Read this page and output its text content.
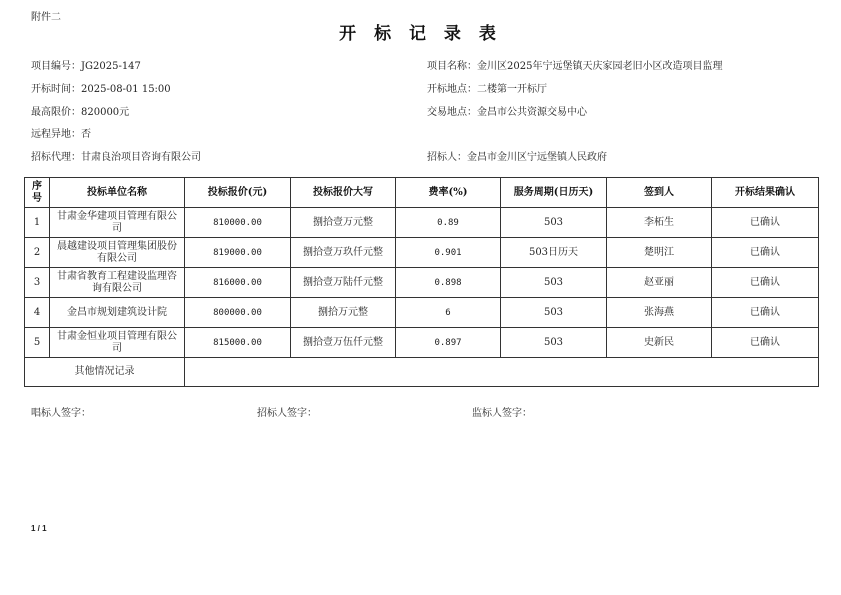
附件二
开 标 记 录 表
项目编号：JG2025-147	项目名称：金川区2025年宁远堡镇天庆家园老旧小区改造项目监理
开标时间：2025-08-01 15:00	开标地点：二楼第一开标厅
最高限价：820000元	交易地点：金昌市公共资源交易中心
远程异地：否
招标代理：甘肃良治项目咨询有限公司	招标人：金昌市金川区宁远堡镇人民政府
序号	投标单位名称	投标报价(元)	投标报价大写	费率(%)	服务周期(日历天)	签到人	开标结果确认
1	甘肃金华建项目管理有限公司	810000.00	捌拾壹万元整	0.89	503	李柘生	已确认
2	晨越建设项目管理集团股份有限公司	819000.00	捌拾壹万玖仟元整	0.901	503日历天	楚明江	已确认
3	甘肃省教育工程建设监理咨询有限公司	816000.00	捌拾壹万陆仟元整	0.898	503	赵亚丽	已确认
4	金昌市规划建筑设计院	800000.00	捌拾万元整	6	503	张海燕	已确认
5	甘肃金恒业项目管理有限公司	815000.00	捌拾壹万伍仟元整	0.897	503	史新民	已确认
其他情况记录							
唱标人签字：	招标人签字：	监标人签字：
1 / 1
